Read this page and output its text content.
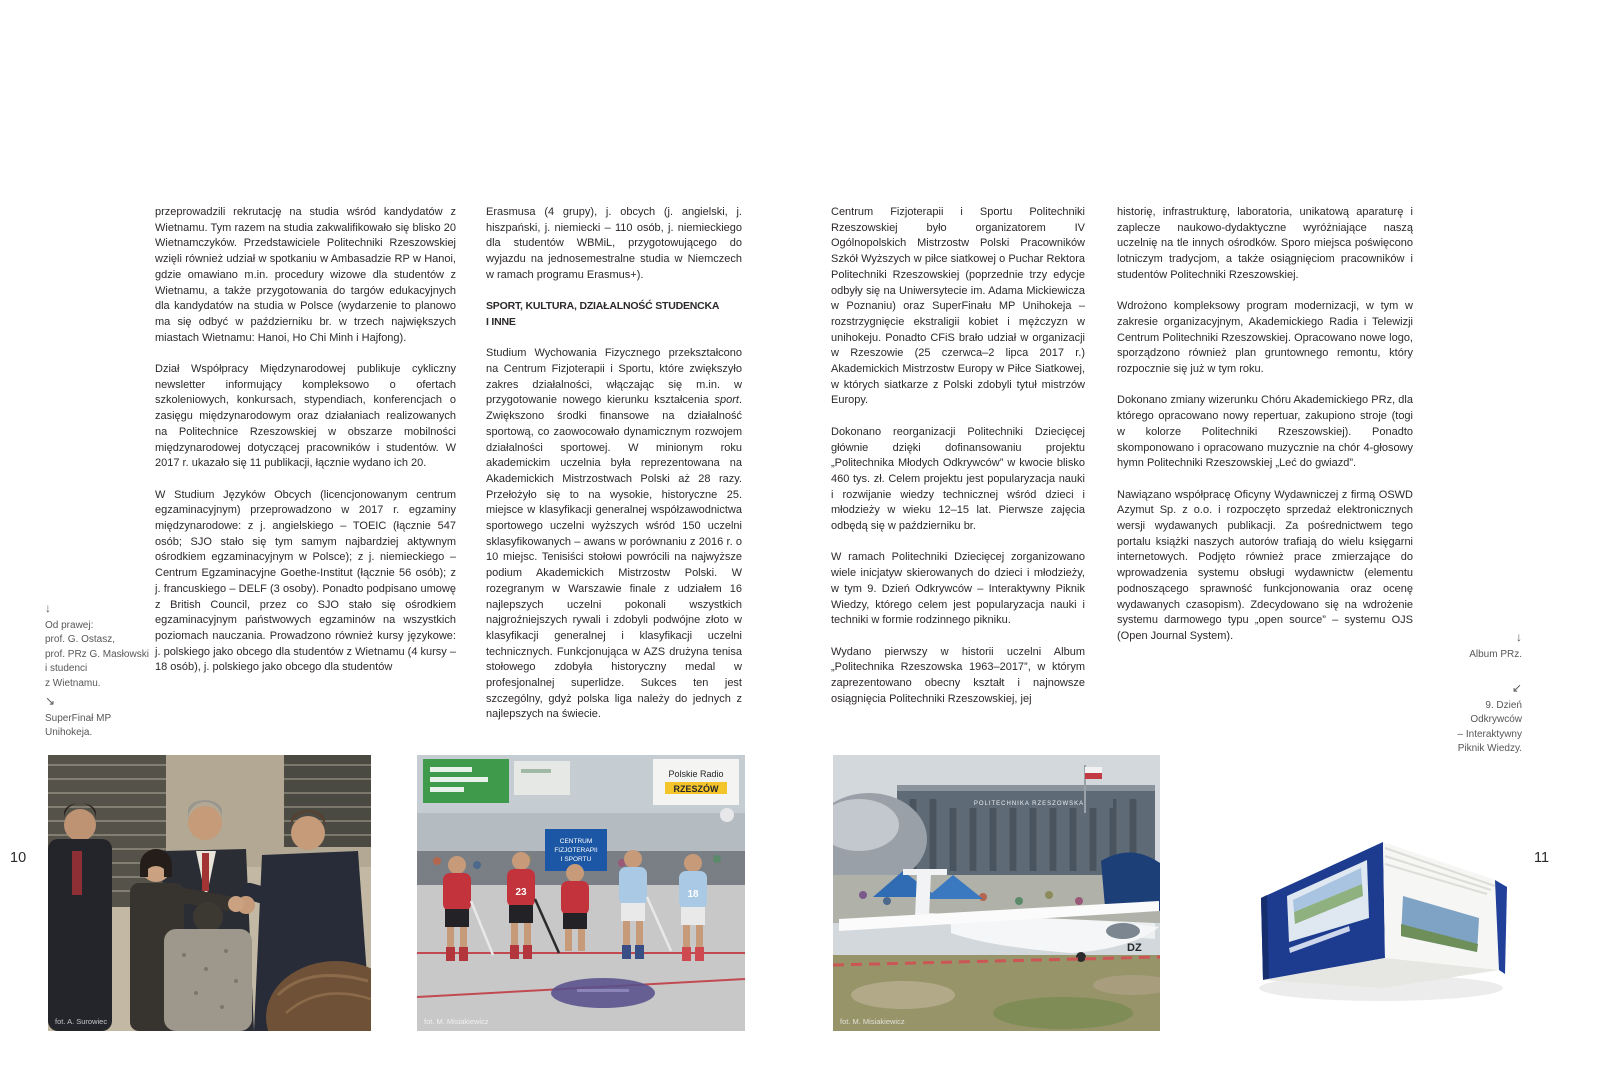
10	11
↓
Od prawej:
prof. G. Ostasz,
prof. PRz G. Masłowski
i studenci
z Wietnamu.
↘
SuperFinał MP
Unihokeja.
↓
Album PRz.
↙
9. Dzień
Odkrywców
– Interaktywny
Piknik Wiedzy.

przeprowadzili rekrutację na studia wśród kandydatów z Wietnamu. Tym razem na studia zakwalifikowało się blisko 20 Wietnamczyków. Przedstawiciele Politechniki Rzeszowskiej wzięli również udział w spotkaniu w Ambasadzie RP w Hanoi, gdzie omawiano m.in. procedury wizowe dla studentów z Wietnamu, a także przygotowania do targów edukacyjnych dla kandydatów na studia w Polsce (wydarzenie to planowo ma się odbyć w październiku br. w trzech największych miastach Wietnamu: Hanoi, Ho Chi Minh i Hajfong).

Dział Współpracy Międzynarodowej publikuje cykliczny newsletter informujący kompleksowo o ofertach szkoleniowych, konkursach, stypendiach, konferencjach o zasięgu międzynarodowym oraz działaniach realizowanych na Politechnice Rzeszowskiej w obszarze mobilności międzynarodowej dotyczącej pracowników i studentów. W 2017 r. ukazało się 11 publikacji, łącznie wydano ich 20.

W Studium Języków Obcych (licencjonowanym centrum egzaminacyjnym) przeprowadzono w 2017 r. egzaminy międzynarodowe: z j. angielskiego – TOEIC (łącznie 547 osób; SJO stało się tym samym najbardziej aktywnym ośrodkiem egzaminacyjnym w Polsce); z j. niemieckiego – Centrum Egzaminacyjne Goethe-Institut (łącznie 56 osób); z j. francuskiego – DELF (3 osoby). Ponadto podpisano umowę z British Council, przez co SJO stało się ośrodkiem egzaminacyjnym państwowych egzaminów na wszystkich poziomach nauczania. Prowadzono również kursy językowe: j. polskiego jako obcego dla studentów z Wietnamu (4 kursy – 18 osób), j. polskiego jako obcego dla studentów

Erasmusa (4 grupy), j. obcych (j. angielski, j. hiszpański, j. niemiecki – 110 osób, j. niemieckiego dla studentów WBMiL, przygotowującego do wyjazdu na jednosemestralne studia w Niemczech w ramach programu Erasmus+).

SPORT, KULTURA, DZIAŁALNOŚĆ STUDENCKA
I INNE

Studium Wychowania Fizycznego przekształcono na Centrum Fizjoterapii i Sportu, które zwiększyło zakres działalności, włączając się m.in. w przygotowanie nowego kierunku kształcenia sport. Zwiększono środki finansowe na działalność sportową, co zaowocowało dynamicznym rozwojem działalności sportowej. W minionym roku akademickim uczelnia była reprezentowana na Akademickich Mistrzostwach Polski aż 28 razy. Przełożyło się to na wysokie, historyczne 25. miejsce w klasyfikacji generalnej współzawodnictwa sportowego uczelni wyższych wśród 150 uczelni sklasyfikowanych – awans w porównaniu z 2016 r. o 10 miejsc. Tenisiści stołowi powrócili na najwyższe podium Akademickich Mistrzostw Polski. W rozegranym w Warszawie finale z udziałem 16 najlepszych uczelni pokonali wszystkich najgroźniejszych rywali i zdobyli podwójne złoto w klasyfikacji generalnej i klasyfikacji uczelni technicznych. Funkcjonująca w AZS drużyna tenisa stołowego zdobyła historyczny medal w profesjonalnej superlidze. Sukces ten jest szczególny, gdyż polska liga należy do jednych z najlepszych na świecie.

Centrum Fizjoterapii i Sportu Politechniki Rzeszowskiej było organizatorem IV Ogólnopolskich Mistrzostw Polski Pracowników Szkół Wyższych w piłce siatkowej o Puchar Rektora Politechniki Rzeszowskiej (poprzednie trzy edycje odbyły się na Uniwersytecie im. Adama Mickiewicza w Poznaniu) oraz SuperFinału MP Unihokeja – rozstrzygnięcie ekstraligii kobiet i mężczyzn w unihokeju. Ponadto CFiS brało udział w organizacji w Rzeszowie (25 czerwca–2 lipca 2017 r.) Akademickich Mistrzostw Europy w Piłce Siatkowej, w których siatkarze z Polski zdobyli tytuł mistrzów Europy.

Dokonano reorganizacji Politechniki Dziecięcej głównie dzięki dofinansowaniu projektu „Politechnika Młodych Odkrywców” w kwocie blisko 460 tys. zł. Celem projektu jest popularyzacja nauki i rozwijanie wiedzy technicznej wśród dzieci i młodzieży w wieku 12–15 lat. Pierwsze zajęcia odbędą się w październiku br.

W ramach Politechniki Dziecięcej zorganizowano wiele inicjatyw skierowanych do dzieci i młodzieży, w tym 9. Dzień Odkrywców – Interaktywny Piknik Wiedzy, którego celem jest popularyzacja nauki i techniki w formie rodzinnego pikniku.

Wydano pierwszy w historii uczelni Album „Politechnika Rzeszowska 1963–2017”, w którym zaprezentowano obecny kształt i najnowsze osiągnięcia Politechniki Rzeszowskiej, jej

historię, infrastrukturę, laboratoria, unikatową aparaturę i zaplecze naukowo-dydaktyczne wyróżniające naszą uczelnię na tle innych ośrodków. Sporo miejsca poświęcono lotniczym tradycjom, a także osiągnięciom pracowników i studentów Politechniki Rzeszowskiej.

Wdrożono kompleksowy program modernizacji, w tym w zakresie organizacyjnym, Akademickiego Radia i Telewizji Centrum Politechniki Rzeszowskiej. Opracowano nowe logo, sporządzono również plan gruntownego remontu, który rozpocznie się już w tym roku.

Dokonano zmiany wizerunku Chóru Akademickiego PRz, dla którego opracowano nowy repertuar, zakupiono stroje (togi w kolorze Politechniki Rzeszowskiej). Ponadto skomponowano i opracowano muzycznie na chór 4-głosowy hymn Politechniki Rzeszowskiej „Leć do gwiazd”.

Nawiązano współpracę Oficyny Wydawniczej z firmą OSWD Azymut Sp. z o.o. i rozpoczęto sprzedaż elektronicznych wersji wydawanych publikacji. Za pośrednictwem tego portalu książki naszych autorów trafiają do wielu księgarni internetowych. Podjęto również prace zmierzające do wprowadzenia systemu obsługi wydawnictw (elementu podnoszącego sprawność funkcjonowania oraz ocenę wydawanych czasopism). Zdecydowano się na wdrożenie systemu darmowego typu „open source” – systemu OJS (Open Journal System).

fot. A. Surowiec
Polskie Radio
RZESZÓW
CENTRUM
FIZJOTERAPII
I SPORTU
23	18
fot. M. Misiakiewicz
POLITECHNIKA RZESZOWSKA
DZ
fot. M. Misiakiewicz
